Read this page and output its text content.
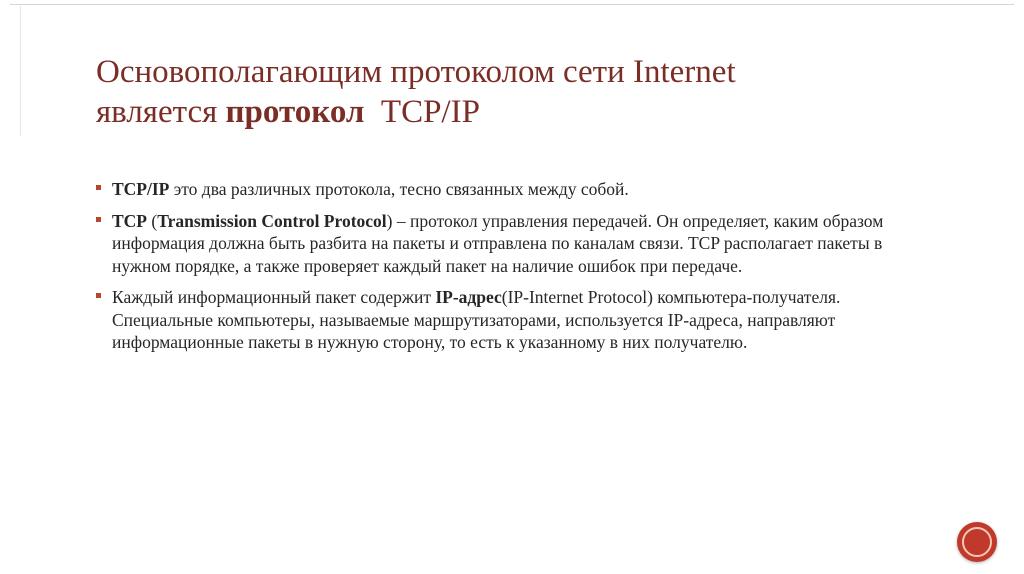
Основополагающим протоколом сети Internet
является протокол  TCP/IP
TCP/IP это два различных протокола, тесно связанных между собой.
TCP (Transmission Control Protocol) – протокол управления передачей. Он определяет, каким образом информация должна быть разбита на пакеты и отправлена по каналам связи. TCP располагает пакеты в нужном порядке, а также проверяет каждый пакет на наличие ошибок при передаче.
Каждый информационный пакет содержит IP-адрес(IP-Internet Protocol) компьютера-получателя. Специальные компьютеры, называемые маршрутизаторами, используется IP-адреса, направляют информационные пакеты в нужную сторону, то есть к указанному в них получателю.
